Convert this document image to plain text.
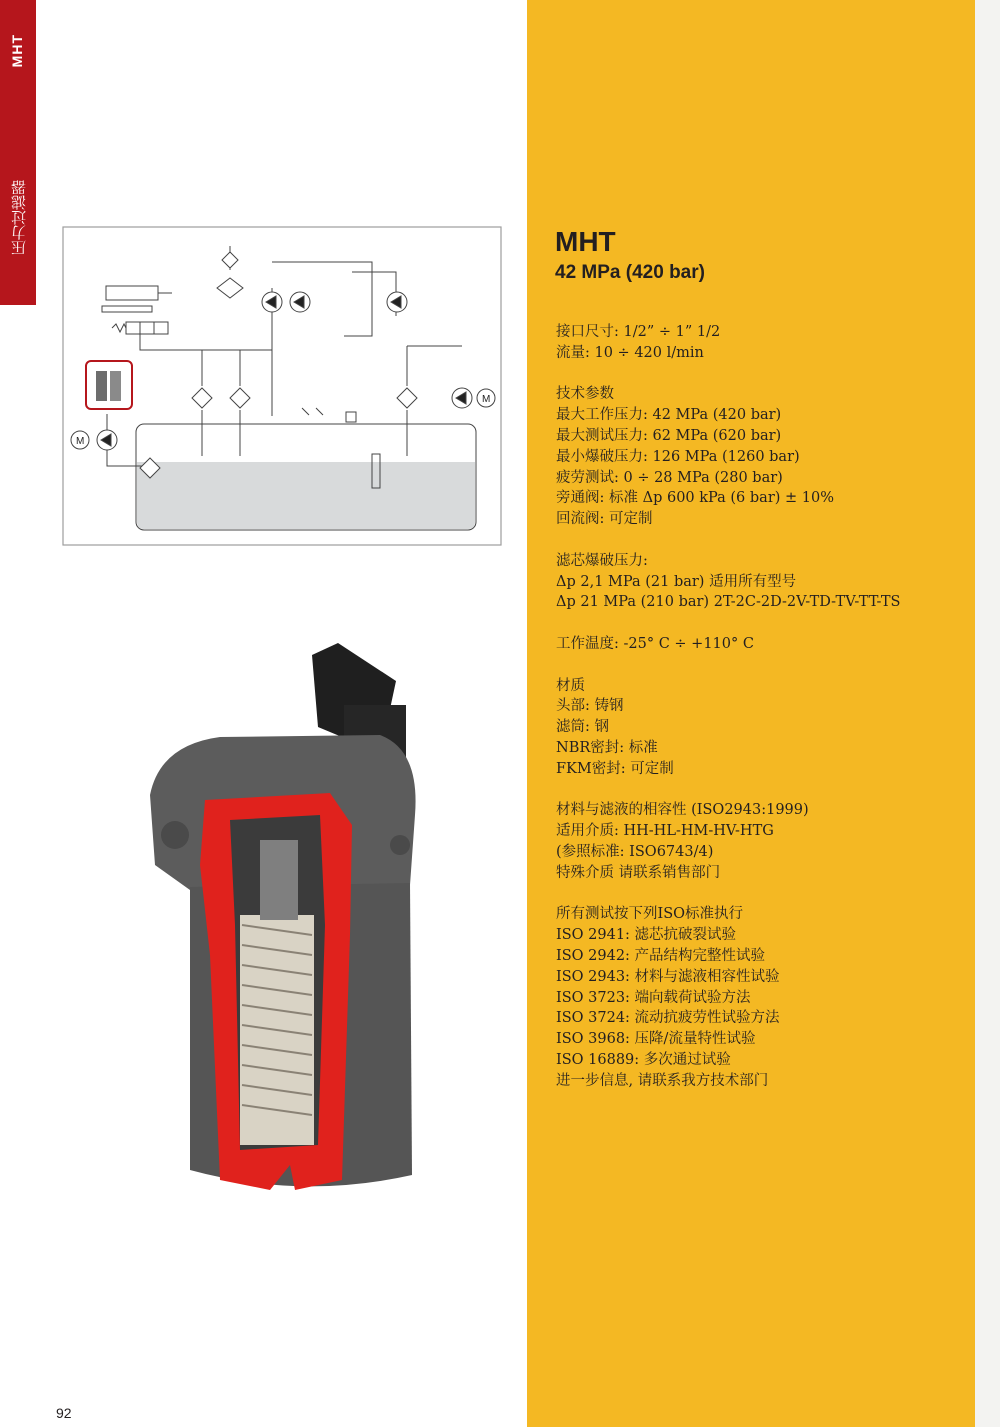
MHT
压力过滤器	MHT
42 MPa (420 bar)
接口尺寸: 1/2” ÷ 1” 1/2
流量: 10 ÷ 420 l/min
技术参数
最大工作压力: 42 MPa (420 bar)
最大测试压力: 62 MPa (620 bar)
最小爆破压力: 126 MPa (1260 bar)
疲劳测试: 0 ÷ 28 MPa (280 bar)
旁通阀: 标准 Δp 600 kPa (6 bar) ± 10%
回流阀: 可定制
滤芯爆破压力:
Δp 2,1 MPa (21 bar) 适用所有型号
Δp 21 MPa (210 bar) 2T-2C-2D-2V-TD-TV-TT-TS
工作温度: -25° C ÷ +110° C
材质
头部: 铸钢
滤筒: 钢
NBR密封: 标准
FKM密封: 可定制
材料与滤液的相容性 (ISO2943:1999)
适用介质: HH-HL-HM-HV-HTG
(参照标准: ISO6743/4)
特殊介质 请联系销售部门
所有测试按下列ISO标准执行
ISO 2941: 滤芯抗破裂试验
ISO 2942: 产品结构完整性试验
ISO 2943: 材料与滤液相容性试验
ISO 3723: 端向载荷试验方法
ISO 3724: 流动抗疲劳性试验方法
ISO 3968: 压降/流量特性试验
ISO 16889: 多次通过试验
进一步信息, 请联系我方技术部门
M
M
92
